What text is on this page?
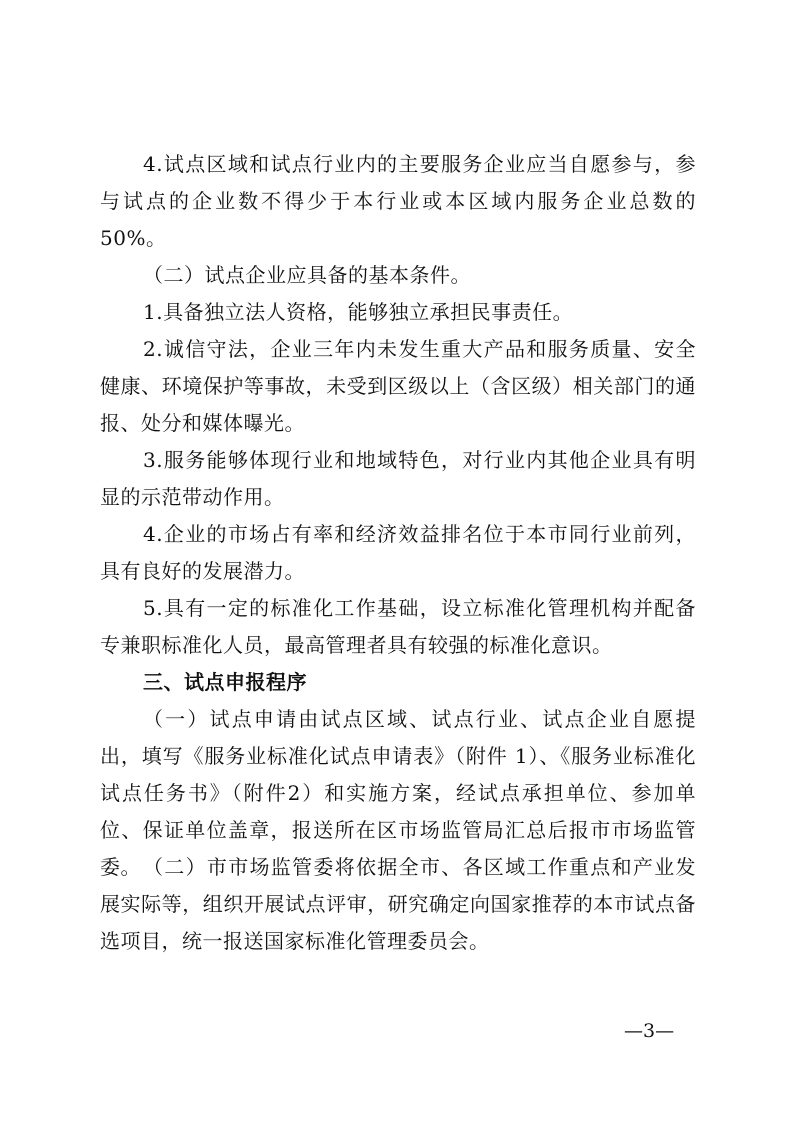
4.试点区域和试点行业内的主要服务企业应当自愿参与，参与试点的企业数不得少于本行业或本区域内服务企业总数的50%。

（二）试点企业应具备的基本条件。

1.具备独立法人资格，能够独立承担民事责任。

2.诚信守法，企业三年内未发生重大产品和服务质量、安全健康、环境保护等事故，未受到区级以上（含区级）相关部门的通报、处分和媒体曝光。

3.服务能够体现行业和地域特色，对行业内其他企业具有明显的示范带动作用。

4.企业的市场占有率和经济效益排名位于本市同行业前列，具有良好的发展潜力。

5.具有一定的标准化工作基础，设立标准化管理机构并配备专兼职标准化人员，最高管理者具有较强的标准化意识。

三、试点申报程序

（一）试点申请由试点区域、试点行业、试点企业自愿提出，填写《服务业标准化试点申请表》（附件 1）、《服务业标准化试点任务书》（附件2）和实施方案，经试点承担单位、参加单位、保证单位盖章，报送所在区市场监管局汇总后报市市场监管委。 （二）市市场监管委将依据全市、各区域工作重点和产业发展实际等，组织开展试点评审，研究确定向国家推荐的本市试点备选项目，统一报送国家标准化管理委员会。

—3—
